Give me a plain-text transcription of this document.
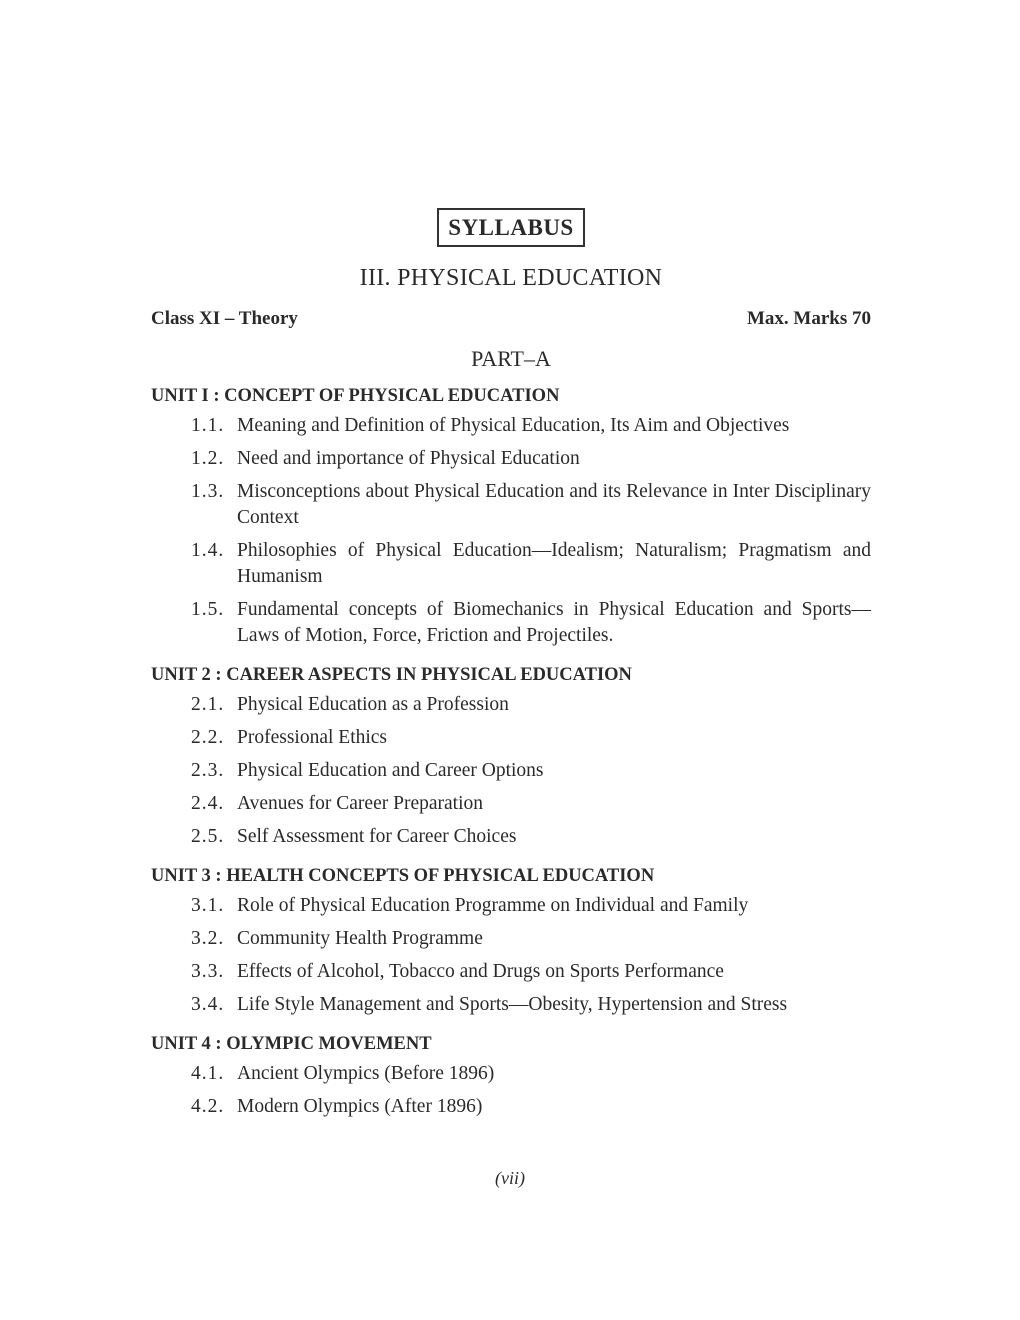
SYLLABUS
III. PHYSICAL EDUCATION
Class XI – Theory	Max. Marks 70
PART–A
UNIT I : CONCEPT OF PHYSICAL EDUCATION
1.1. Meaning and Definition of Physical Education, Its Aim and Objectives
1.2. Need and importance of Physical Education
1.3. Misconceptions about Physical Education and its Relevance in Inter Disciplinary Context
1.4. Philosophies of Physical Education—Idealism; Naturalism; Pragmatism and Humanism
1.5. Fundamental concepts of Biomechanics in Physical Education and Sports—Laws of Motion, Force, Friction and Projectiles.
UNIT 2 : CAREER ASPECTS IN PHYSICAL EDUCATION
2.1. Physical Education as a Profession
2.2. Professional Ethics
2.3. Physical Education and Career Options
2.4. Avenues for Career Preparation
2.5. Self Assessment for Career Choices
UNIT 3 : HEALTH CONCEPTS OF PHYSICAL EDUCATION
3.1. Role of Physical Education Programme on Individual and Family
3.2. Community Health Programme
3.3. Effects of Alcohol, Tobacco and Drugs on Sports Performance
3.4. Life Style Management and Sports—Obesity, Hypertension and Stress
UNIT 4 : OLYMPIC MOVEMENT
4.1. Ancient Olympics (Before 1896)
4.2. Modern Olympics (After 1896)
(vii)
